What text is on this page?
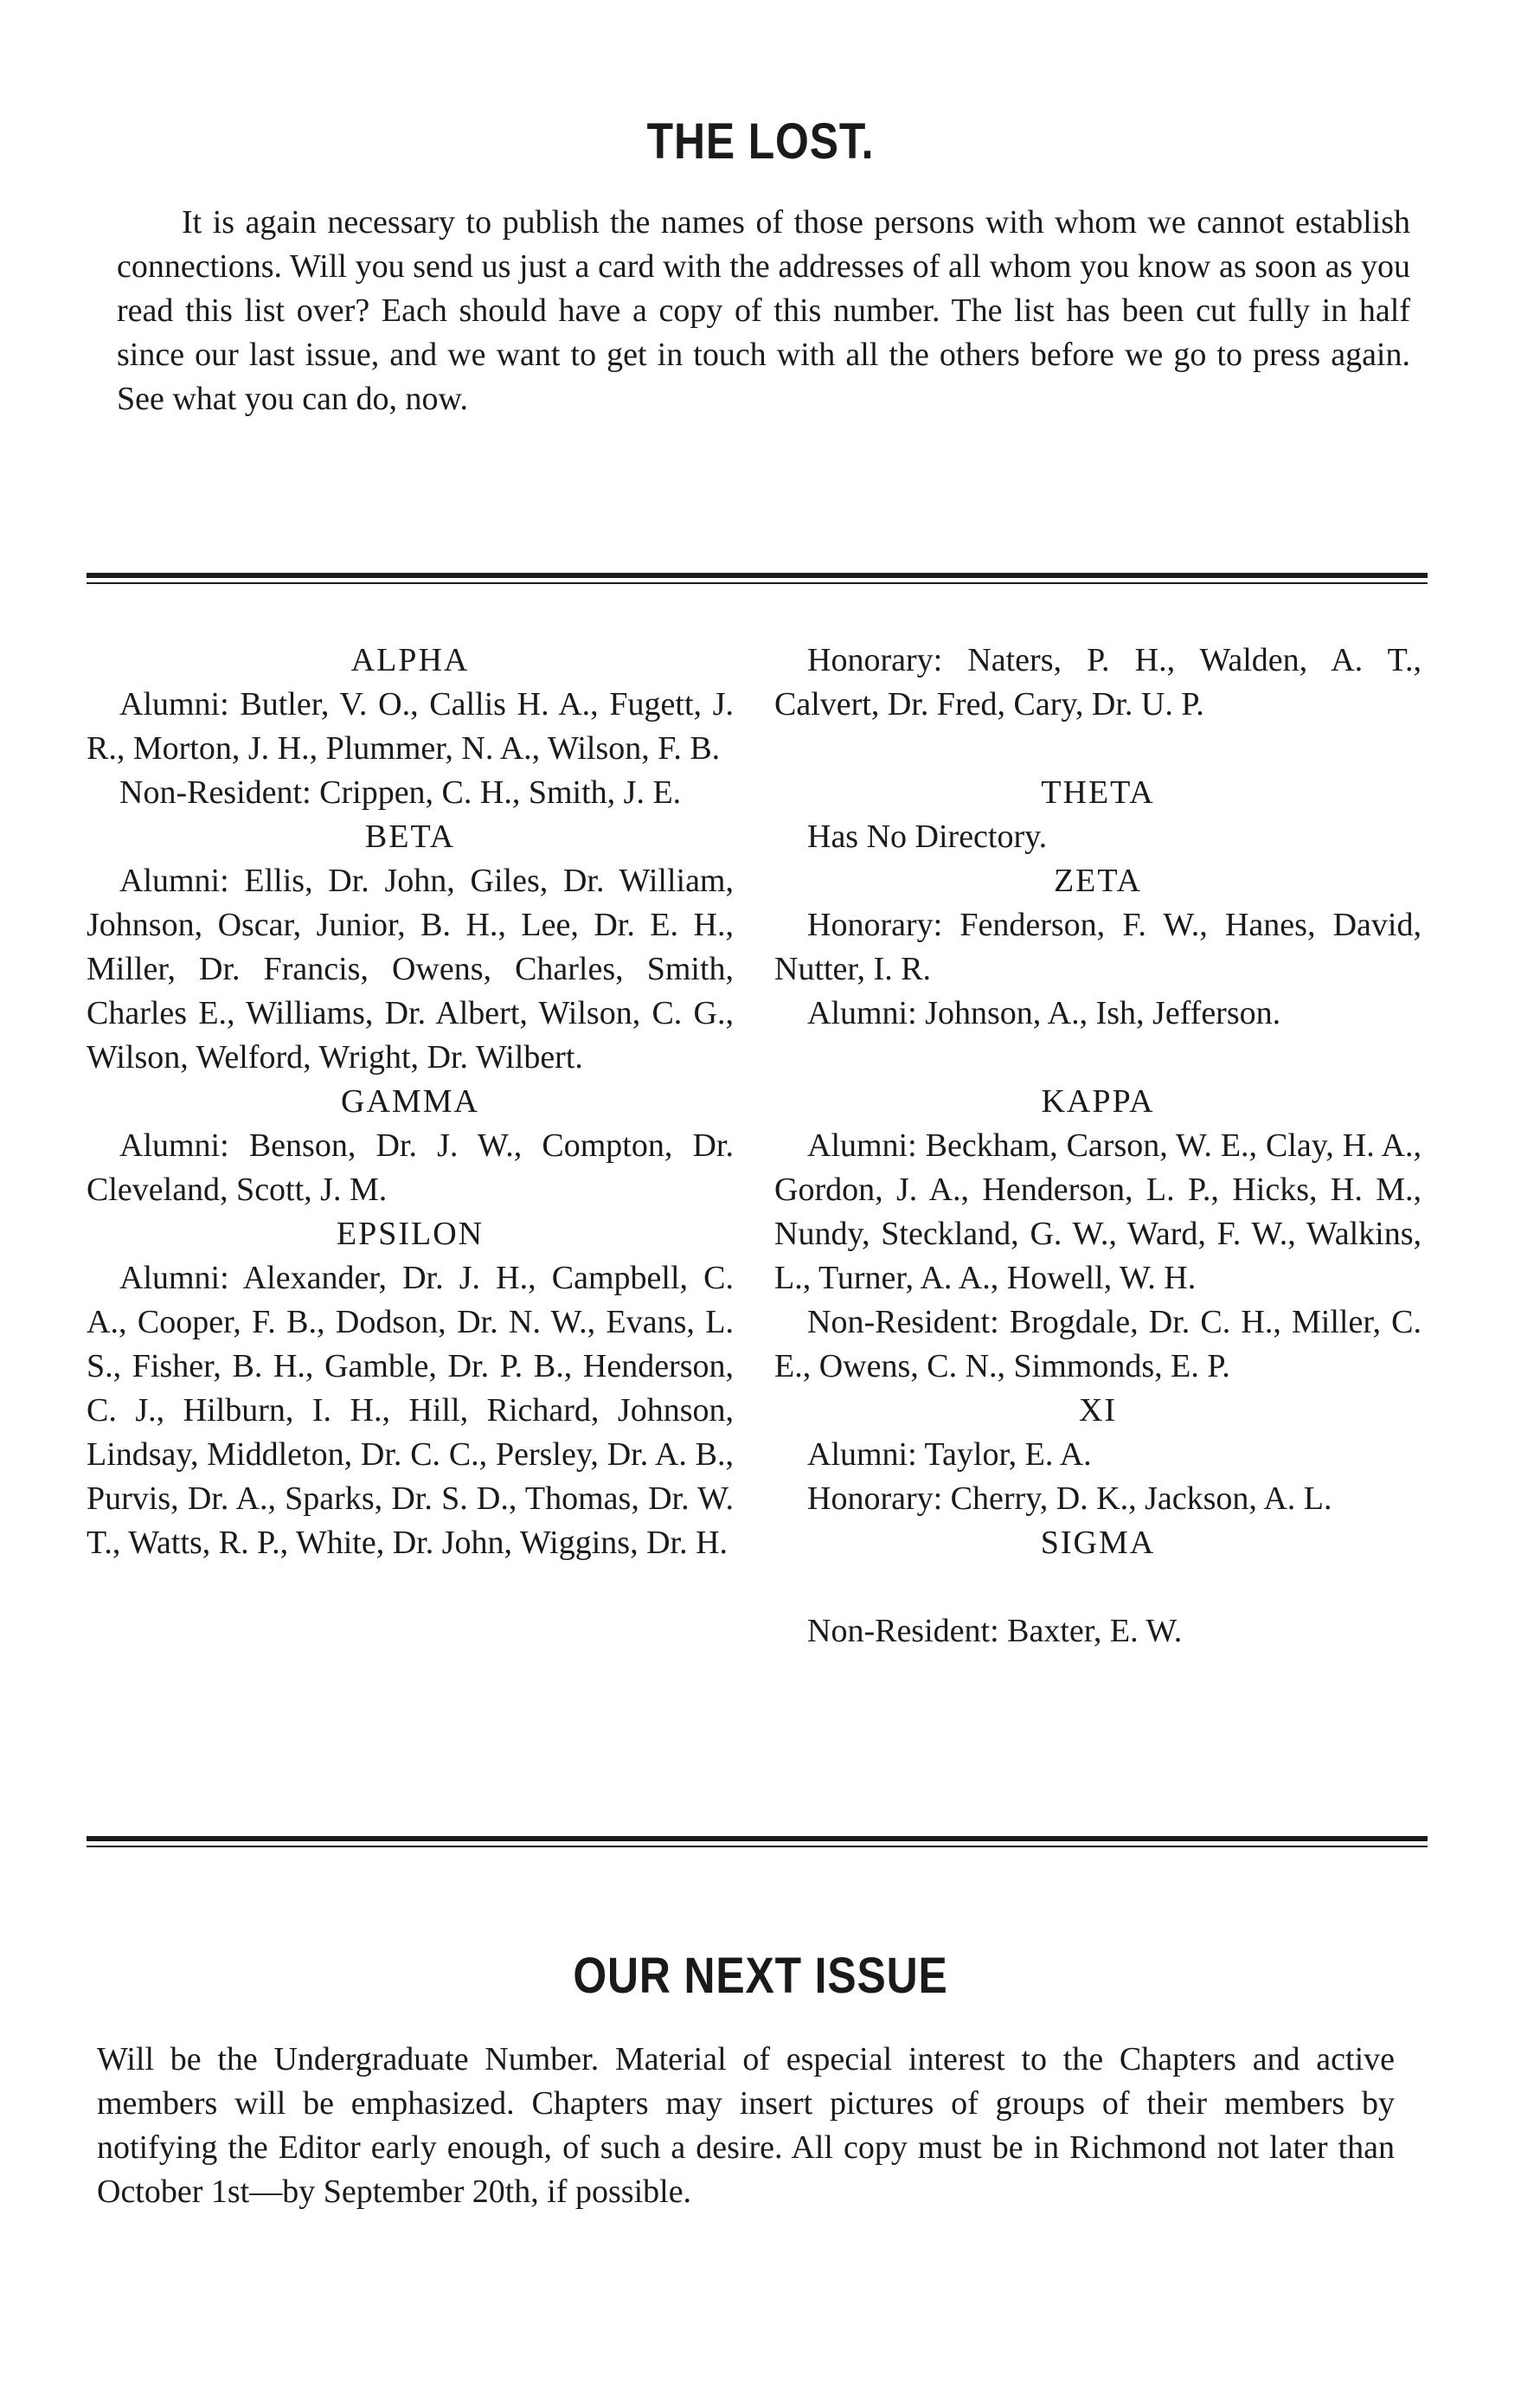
THE LOST.

It is again necessary to publish the names of those persons with whom we cannot establish connections. Will you send us just a card with the addresses of all whom you know as soon as you read this list over? Each should have a copy of this number. The list has been cut fully in half since our last issue, and we want to get in touch with all the others before we go to press again. See what you can do, now.

ALPHA

Alumni: Butler, V. O., Callis H. A., Fugett, J. R., Morton, J. H., Plummer, N. A., Wilson, F. B.

Non-Resident: Crippen, C. H., Smith, J. E.

BETA

Alumni: Ellis, Dr. John, Giles, Dr. William, Johnson, Oscar, Junior, B. H., Lee, Dr. E. H., Miller, Dr. Francis, Owens, Charles, Smith, Charles E., Williams, Dr. Albert, Wilson, C. G., Wilson, Welford, Wright, Dr. Wilbert.

GAMMA

Alumni: Benson, Dr. J. W., Compton, Dr. Cleveland, Scott, J. M.

EPSILON

Alumni: Alexander, Dr. J. H., Campbell, C. A., Cooper, F. B., Dodson, Dr. N. W., Evans, L. S., Fisher, B. H., Gamble, Dr. P. B., Henderson, C. J., Hilburn, I. H., Hill, Richard, Johnson, Lindsay, Middleton, Dr. C. C., Persley, Dr. A. B., Purvis, Dr. A., Sparks, Dr. S. D., Thomas, Dr. W. T., Watts, R. P., White, Dr. John, Wiggins, Dr. H.

Honorary: Naters, P. H., Walden, A. T., Calvert, Dr. Fred, Cary, Dr. U. P.

THETA

Has No Directory.

ZETA

Honorary: Fenderson, F. W., Hanes, David, Nutter, I. R.

Alumni: Johnson, A., Ish, Jefferson.

KAPPA

Alumni: Beckham, Carson, W. E., Clay, H. A., Gordon, J. A., Henderson, L. P., Hicks, H. M., Nundy, Steckland, G. W., Ward, F. W., Walkins, L., Turner, A. A., Howell, W. H.

Non-Resident: Brogdale, Dr. C. H., Miller, C. E., Owens, C. N., Simmonds, E. P.

XI

Alumni: Taylor, E. A.

Honorary: Cherry, D. K., Jackson, A. L.

SIGMA

Non-Resident: Baxter, E. W.

OUR NEXT ISSUE

Will be the Undergraduate Number. Material of especial interest to the Chapters and active members will be emphasized. Chapters may insert pictures of groups of their members by notifying the Editor early enough, of such a desire. All copy must be in Richmond not later than October 1st—by September 20th, if possible.
